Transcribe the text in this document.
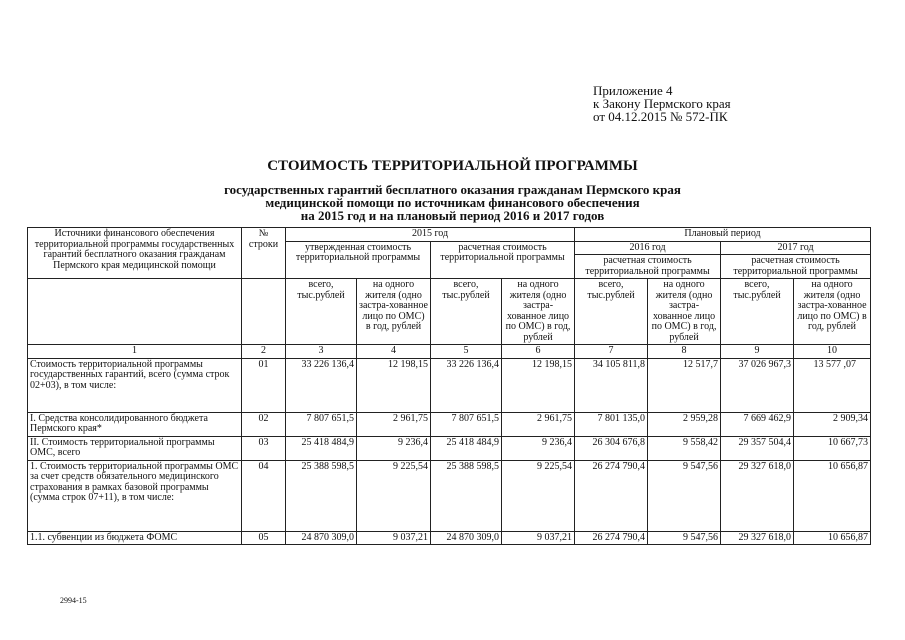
Приложение 4
к Закону Пермского края
от 04.12.2015 № 572-ПК
СТОИМОСТЬ ТЕРРИТОРИАЛЬНОЙ ПРОГРАММЫ
государственных гарантий бесплатного оказания гражданам Пермского края
медицинской помощи по источникам финансового обеспечения
на 2015 год и на плановый период 2016 и 2017 годов
Источники финансового обеспечения территориальной программы государственных гарантий бесплатного оказания гражданам Пермского края медицинской помощи	№ строки	2015 год				Плановый период			
		утвержденная стоимость территориальной программы		расчетная стоимость территориальной программы		2016 год		2017 год	
						расчетная стоимость территориальной программы		расчетная стоимость территориальной программы	
		всего, тыс.рублей	на одного жителя (одно застра-хованное лицо по ОМС) в год, рублей	всего, тыс.рублей	на одного жителя (одно застра-хованное лицо по ОМС) в год, рублей	всего, тыс.рублей	на одного жителя (одно застра-хованное лицо по ОМС) в год, рублей	всего, тыс.рублей	на одного жителя (одно застра-хованное лицо по ОМС) в год, рублей
1	2	3	4	5	6	7	8	9	10
Стоимость территориальной программы государственных гарантий, всего (сумма строк 02+03), в том числе:	01	33 226 136,4	12 198,15	33 226 136,4	12 198,15	34 105 811,8	12 517,7	37 026 967,3	13 577 ,07
I. Средства консолидированного бюджета Пермского края*	02	7 807 651,5	2 961,75	7 807 651,5	2 961,75	7 801 135,0	2 959,28	7 669 462,9	2 909,34
II. Стоимость территориальной программы ОМС, всего	03	25 418 484,9	9 236,4	25 418 484,9	9 236,4	26 304 676,8	9 558,42	29 357 504,4	10 667,73
1. Стоимость территориальной программы ОМС за счет средств обязательного медицинского страхования в рамках базовой программы (сумма строк 07+11), в том числе:	04	25 388 598,5	9 225,54	25 388 598,5	9 225,54	26 274 790,4	9 547,56	29 327 618,0	10 656,87
1.1. субвенции из бюджета ФОМС	05	24 870 309,0	9 037,21	24 870 309,0	9 037,21	26 274 790,4	9 547,56	29 327 618,0	10 656,87
2994-15
